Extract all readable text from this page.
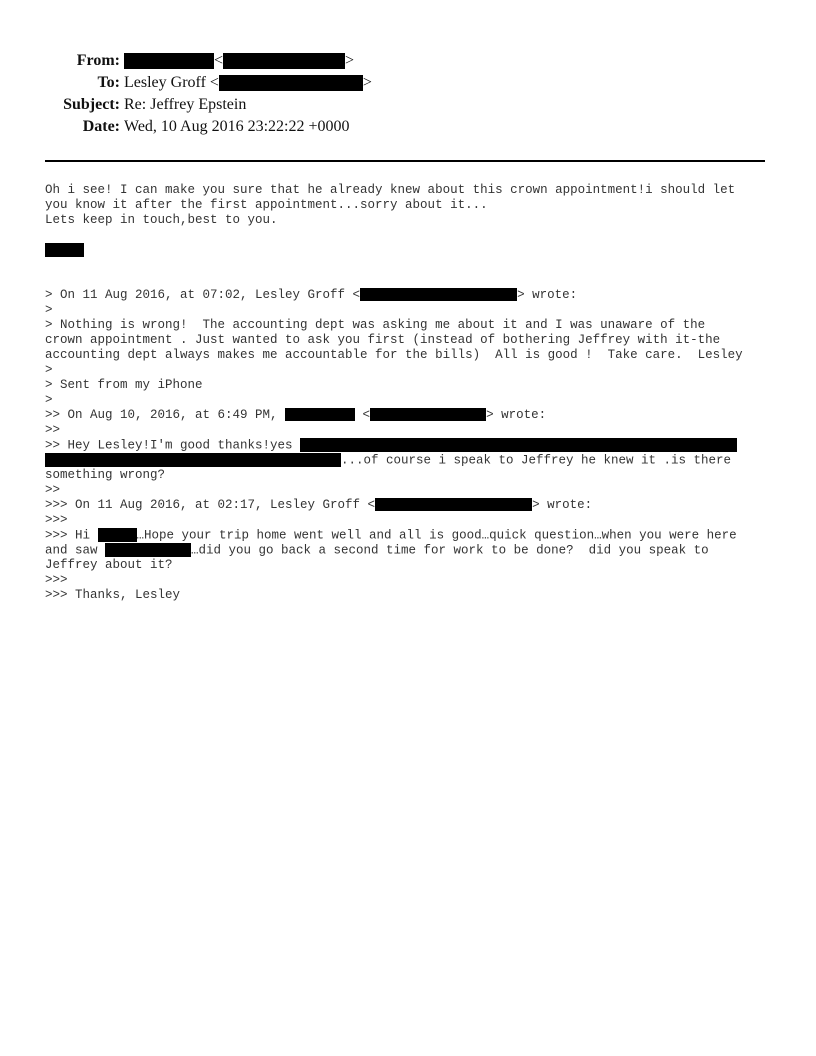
From:	<	>
To: Lesley Groff <	>
Subject: Re: Jeffrey Epstein
Date: Wed, 10 Aug 2016 23:22:22 +0000
Oh i see! I can make you sure that he already knew about this crown appointment!i should let
you know it after the first appointment...sorry about it...
Lets keep in touch,best to you.
> On 11 Aug 2016, at 07:02, Lesley Groff <	> wrote:
>
> Nothing is wrong!  The accounting dept was asking me about it and I was unaware of the
crown appointment . Just wanted to ask you first (instead of bothering Jeffrey with it-the
accounting dept always makes me accountable for the bills)  All is good !  Take care.  Lesley
>
> Sent from my iPhone
>
>> On Aug 10, 2016, at 6:49 PM,	<	> wrote:
>>
>> Hey Lesley!I'm good thanks!yes
...of course i speak to Jeffrey he knew it .is there
something wrong?
>>
>>> On 11 Aug 2016, at 02:17, Lesley Groff <	> wrote:
>>>
>>> Hi	…Hope your trip home went well and all is good…quick question…when you were here
and saw	…did you go back a second time for work to be done?  did you speak to
Jeffrey about it?
>>>
>>> Thanks, Lesley
